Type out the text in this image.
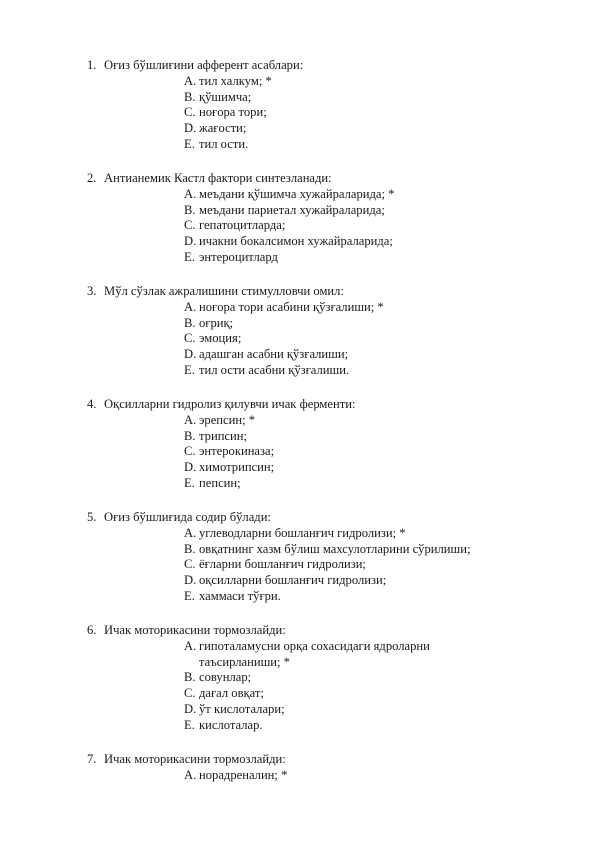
1. Оғиз бўшлиғини афферент асаблари:
A. тил халкум; *
B. қўшимча;
C. ноғора тори;
D. жағости;
E. тил ости.
2. Антианемик Кастл фактори синтезланади:
A. меъдани қўшимча хужайраларида; *
B. меъдани париетал хужайраларида;
C. гепатоцитларда;
D. ичакни бокалсимон хужайраларида;
E. энтероцитлард
3. Мўл сўзлак ажралишини стимулловчи омил:
A. ноғора тори асабини қўзғалиши; *
B. оғриқ;
C. эмоция;
D. адашган асабни қўзғалиши;
E. тил ости асабни қўзғалиши.
4. Оқсилларни гидролиз қилувчи ичак ферменти:
A. эрепсин; *
B. трипсин;
C. энтерокиназа;
D. химотрипсин;
E. пепсин;
5. Оғиз бўшлиғида содир бўлади:
A. углеводларни бошланғич гидролизи; *
B. овқатнинг хазм бўлиш махсулотларини сўрилиши;
C. ёғларни бошланғич гидролизи;
D. оқсилларни бошланғич гидролизи;
E. хаммаси тўғри.
6. Ичак моторикасини тормозлайди:
A. гипоталамусни орқа сохасидаги ядроларни таъсирланиши; *
B. совунлар;
C. дағал овқат;
D. ўт кислоталари;
E. кислоталар.
7. Ичак моторикасини тормозлайди:
A. норадреналин; *
